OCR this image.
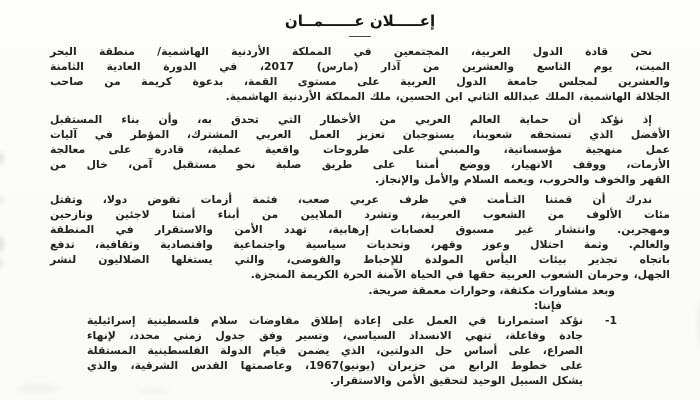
إعـــــلان عــــــمــان
نحن قادة الدول العربية، المجتمعين في المملكة الأردنية الهاشمية/ منطقة البحر
الميت، يوم التاسع والعشرين من آذار (مارس) 2017، في الدورة العادية الثامنة
والعشرين لمجلس جامعة الدول العربية على مستوى القمة، بدعوة كريمة من صاحب
الجلالة الهاشمية، الملك عبدالله الثاني ابن الحسين، ملك المملكة الأردنية الهاشمية.
إذ نؤكد أن حماية العالم العربي من الأخطار التي تحدق به، وأن بناء المستقبل
الأفضل الذي تستحقه شعوبنا، يستوجبان تعزيز العمل العربي المشترك، المؤطر في آليات
عمل منهجية مؤسساتية، والمبني على طروحات واقعية عملية، قادرة على معالجة
الأزمات، ووقف الانهيار، ووضع أمتنا على طريق صلبة نحو مستقبل آمن، خال من
القهر والخوف والحروب، ويعمه السلام والأمل والإنجاز.
ندرك أن قمتنا التـأمت في ظرف عربي صعب، فثمة أزمات تقوض دولا، وتقتل
مئات الألوف من الشعوب العربية، وتشرد الملايين من أبناء أمتنا لاجئين ونازحين
ومهجرين. وانتشار غير مسبوق لعصابات إرهابية، تهدد الأمن والاستقرار في المنطقة
والعالم. وثمة احتلال وعوز وقهر، وتحديات سياسية واجتماعية واقتصادية وثقافية، تدفع
باتجاه تجذير بيئات اليأس المولدة للإحباط والفوضى، والتي يستغلها الضلاليون لنشر
الجهل، وحرمان الشعوب العربية حقها في الحياة الآمنة الحرة الكريمة المنجزة.
وبعد مشاورات مكثفة، وحوارات معمقة صريحة.
فإننا:
1-
نؤكد استمرارنا في العمل على إعادة إطلاق مفاوضات سلام فلسطينية إسرائيلية
جادة وفاعلة، تنهي الانسداد السياسي، وتسير وفق جدول زمني محدد، لإنهاء
الصراع، على أساس حل الدولتين، الذي يضمن قيام الدولة الفلسطينية المستقلة
على خطوط الرابع من حزيران (يونيو)1967، وعاصمتها القدس الشرقية، والذي
يشكل السبيل الوحيد لتحقيق الأمن والاستقرار.
